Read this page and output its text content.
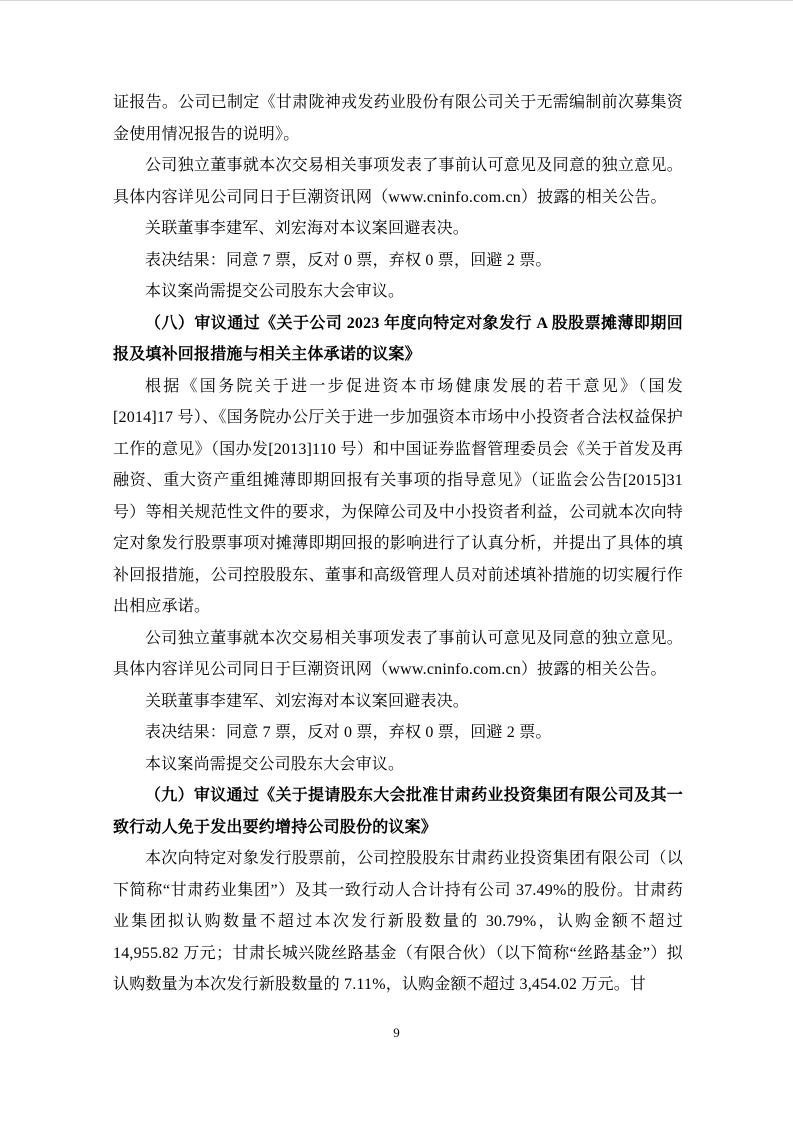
证报告。公司已制定《甘肃陇神戎发药业股份有限公司关于无需编制前次募集资金使用情况报告的说明》。

公司独立董事就本次交易相关事项发表了事前认可意见及同意的独立意见。具体内容详见公司同日于巨潮资讯网（www.cninfo.com.cn）披露的相关公告。

关联董事李建军、刘宏海对本议案回避表决。

表决结果：同意 7 票，反对 0 票，弃权 0 票，回避 2 票。

本议案尚需提交公司股东大会审议。

（八）审议通过《关于公司 2023 年度向特定对象发行 A 股股票摊薄即期回报及填补回报措施与相关主体承诺的议案》

根据《国务院关于进一步促进资本市场健康发展的若干意见》（国发[2014]17 号）、《国务院办公厅关于进一步加强资本市场中小投资者合法权益保护工作的意见》（国办发[2013]110 号）和中国证券监督管理委员会《关于首发及再融资、重大资产重组摊薄即期回报有关事项的指导意见》（证监会公告[2015]31 号）等相关规范性文件的要求，为保障公司及中小投资者利益，公司就本次向特定对象发行股票事项对摊薄即期回报的影响进行了认真分析，并提出了具体的填补回报措施，公司控股股东、董事和高级管理人员对前述填补措施的切实履行作出相应承诺。

公司独立董事就本次交易相关事项发表了事前认可意见及同意的独立意见。具体内容详见公司同日于巨潮资讯网（www.cninfo.com.cn）披露的相关公告。

关联董事李建军、刘宏海对本议案回避表决。

表决结果：同意 7 票，反对 0 票，弃权 0 票，回避 2 票。

本议案尚需提交公司股东大会审议。

（九）审议通过《关于提请股东大会批准甘肃药业投资集团有限公司及其一致行动人免于发出要约增持公司股份的议案》

本次向特定对象发行股票前，公司控股股东甘肃药业投资集团有限公司（以下简称“甘肃药业集团”）及其一致行动人合计持有公司 37.49%的股份。甘肃药业集团拟认购数量不超过本次发行新股数量的 30.79%，认购金额不超过 14,955.82 万元；甘肃长城兴陇丝路基金（有限合伙）（以下简称“丝路基金”）拟认购数量为本次发行新股数量的 7.11%，认购金额不超过 3,454.02 万元。甘

9
